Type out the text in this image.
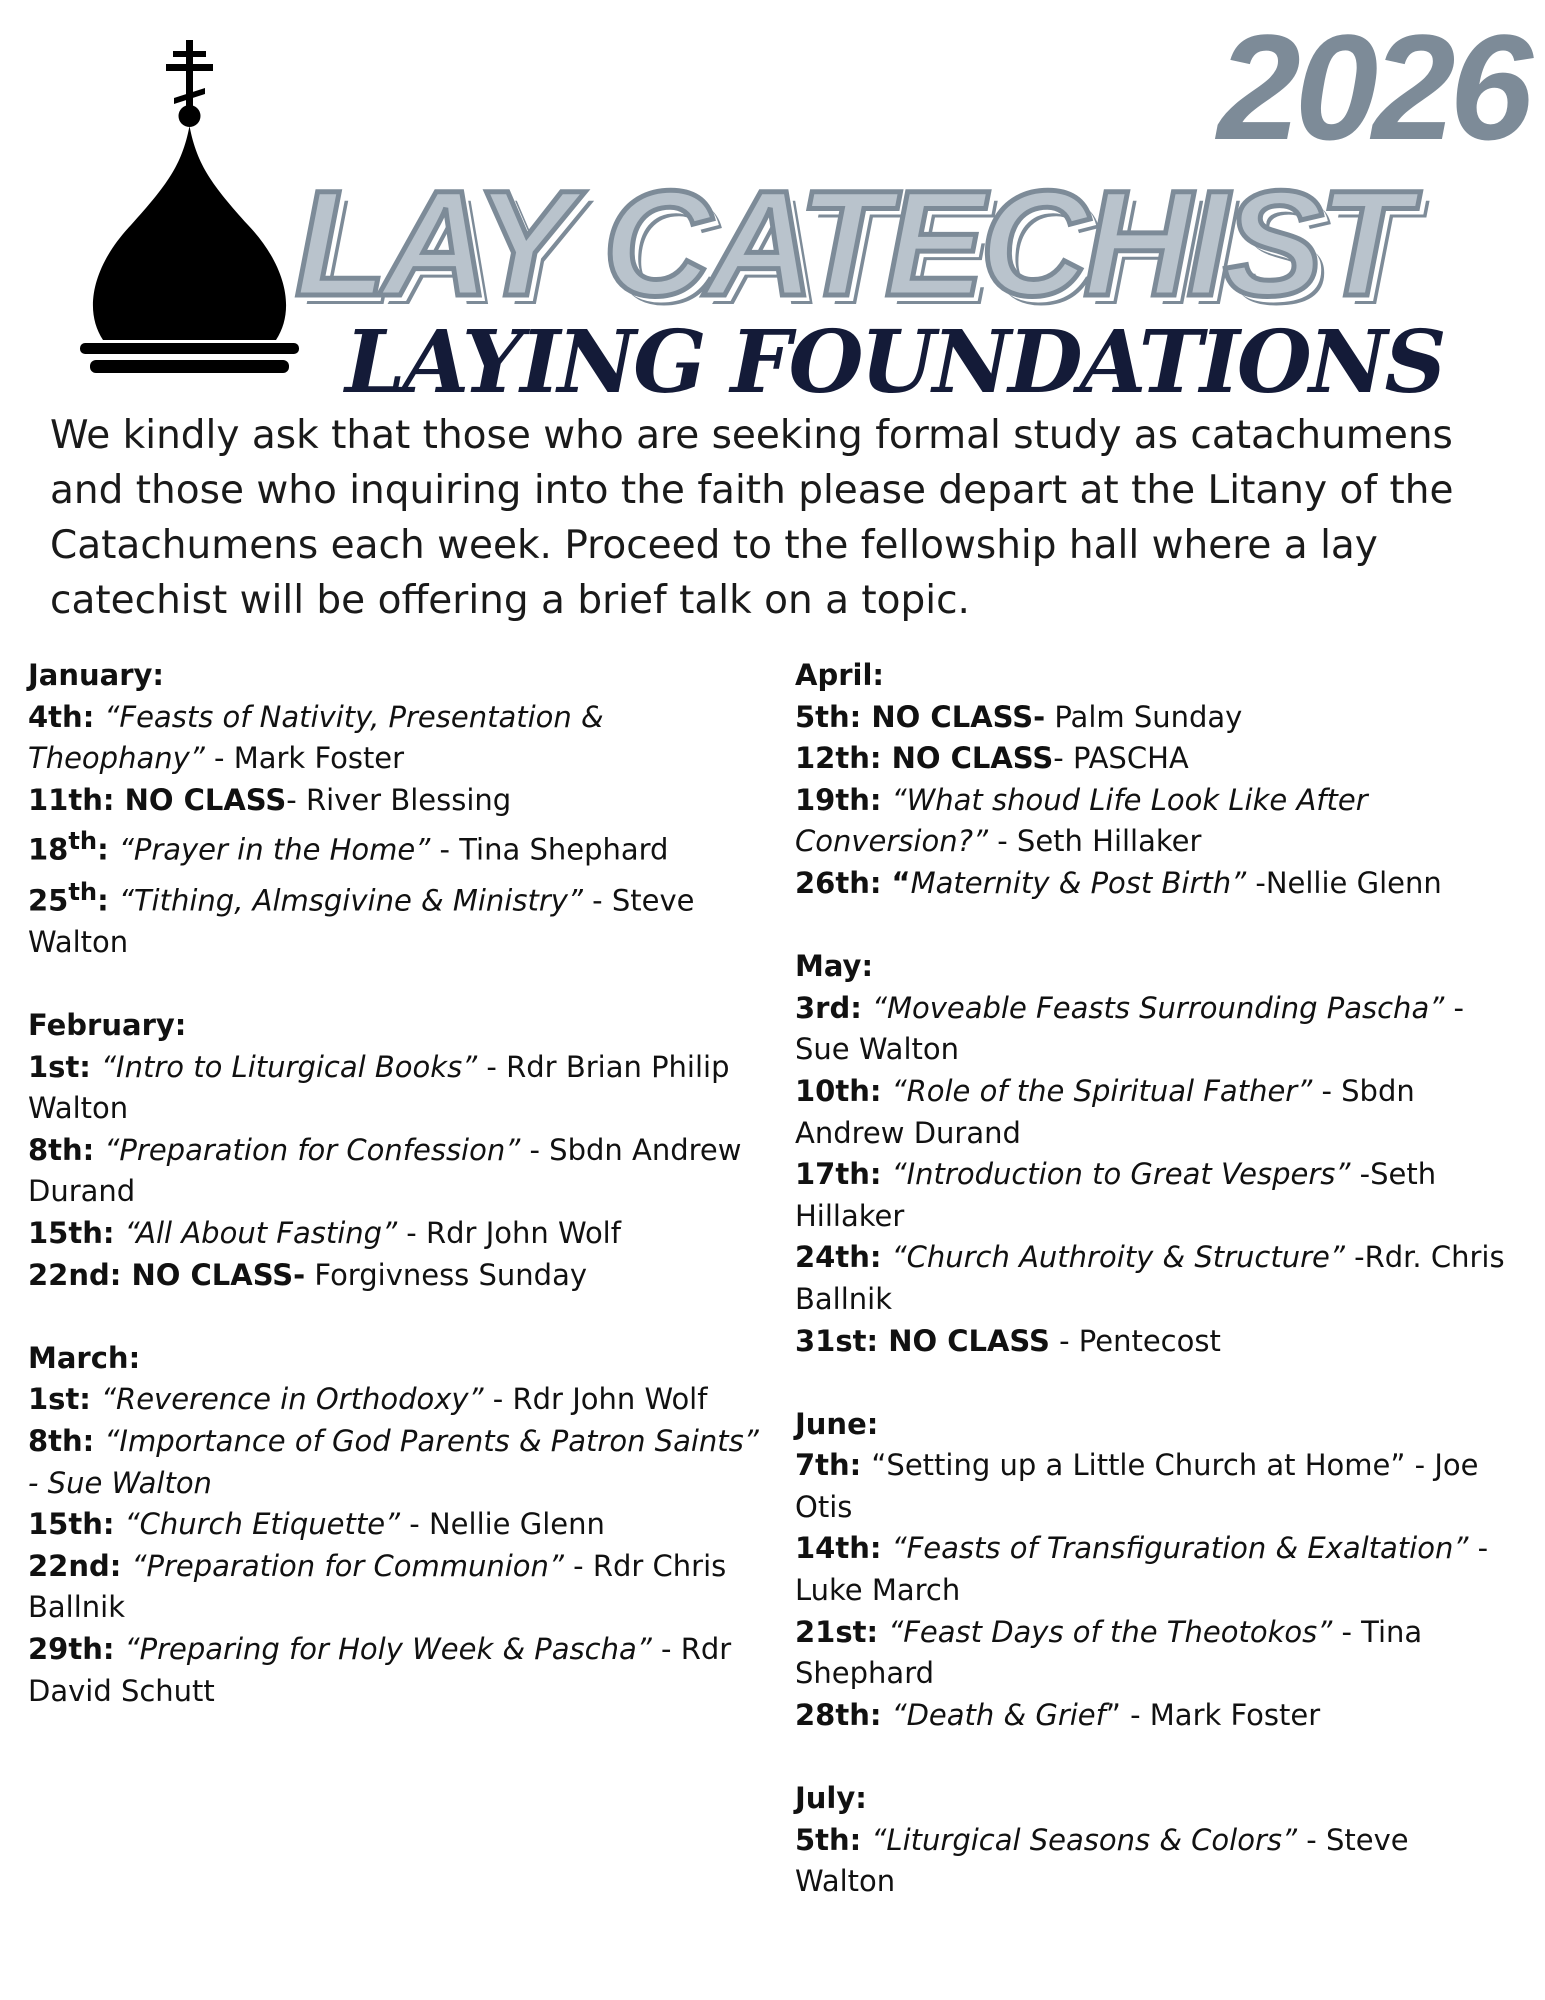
2026
LAY CATECHIST
LAYING FOUNDATIONS

We kindly ask that those who are seeking formal study as catachumens and those who inquiring into the faith please depart at the Litany of the Catachumens each week. Proceed to the fellowship hall where a lay catechist will be offering a brief talk on a topic.

January:

4th: “Feasts of Nativity, Presentation & Theophany” - Mark Foster

11th: NO CLASS- River Blessing

18th: “Prayer in the Home” - Tina Shephard

25th: “Tithing, Almsgivine & Ministry” - Steve Walton

February:

1st: “Intro to Liturgical Books” - Rdr Brian Philip Walton

8th: “Preparation for Confession” - Sbdn Andrew Durand

15th: “All About Fasting” - Rdr John Wolf

22nd: NO CLASS- Forgivness Sunday

March:

1st: “Reverence in Orthodoxy” - Rdr John Wolf

8th: “Importance of God Parents & Patron Saints” - Sue Walton

15th: “Church Etiquette” - Nellie Glenn

22nd: “Preparation for Communion” - Rdr Chris Ballnik

29th: “Preparing for Holy Week & Pascha” - Rdr David Schutt

April:

5th: NO CLASS- Palm Sunday

12th: NO CLASS- PASCHA

19th: “What shoud Life Look Like After Conversion?” - Seth Hillaker

26th: “Maternity & Post Birth” -Nellie Glenn

May:

3rd: “Moveable Feasts Surrounding Pascha” - Sue Walton

10th: “Role of the Spiritual Father” - Sbdn Andrew Durand

17th: “Introduction to Great Vespers” -Seth Hillaker

24th: “Church Authroity & Structure” -Rdr. Chris Ballnik

31st: NO CLASS - Pentecost

June:

7th: “Setting up a Little Church at Home” - Joe Otis

14th: “Feasts of Transfiguration & Exaltation” - Luke March

21st: “Feast Days of the Theotokos” - Tina Shephard

28th: “Death & Grief” - Mark Foster

July:

5th: “Liturgical Seasons & Colors” - Steve Walton
